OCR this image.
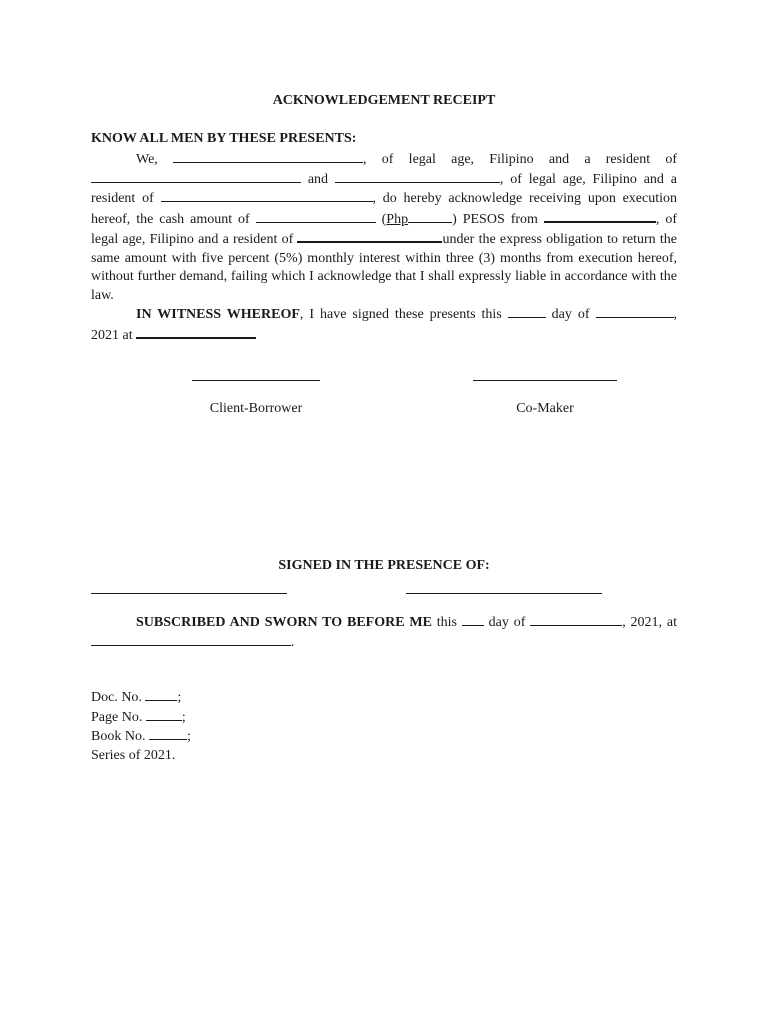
ACKNOWLEDGEMENT RECEIPT
KNOW ALL MEN BY THESE PRESENTS:

We,	, of legal age, Filipino and a resident of  and	, of legal age, Filipino and a resident of	, do hereby acknowledge receiving upon execution hereof, the cash amount of	(Php	) PESOS from	, of legal age, Filipino and a resident of	under the express obligation to return the same amount with five percent (5%) monthly interest within three (3) months from execution hereof, without further demand, failing which I acknowledge that I shall expressly liable in accordance with the law.

IN WITNESS WHEREOF, I have signed these presents this	day of	, 2021 at

Client-Borrower	Co-Maker
SIGNED IN THE PRESENCE OF:

SUBSCRIBED AND SWORN TO BEFORE ME this  day of	, 2021, at.

Doc. No.	;
Page No.	;
Book No.	;
Series of 2021.
